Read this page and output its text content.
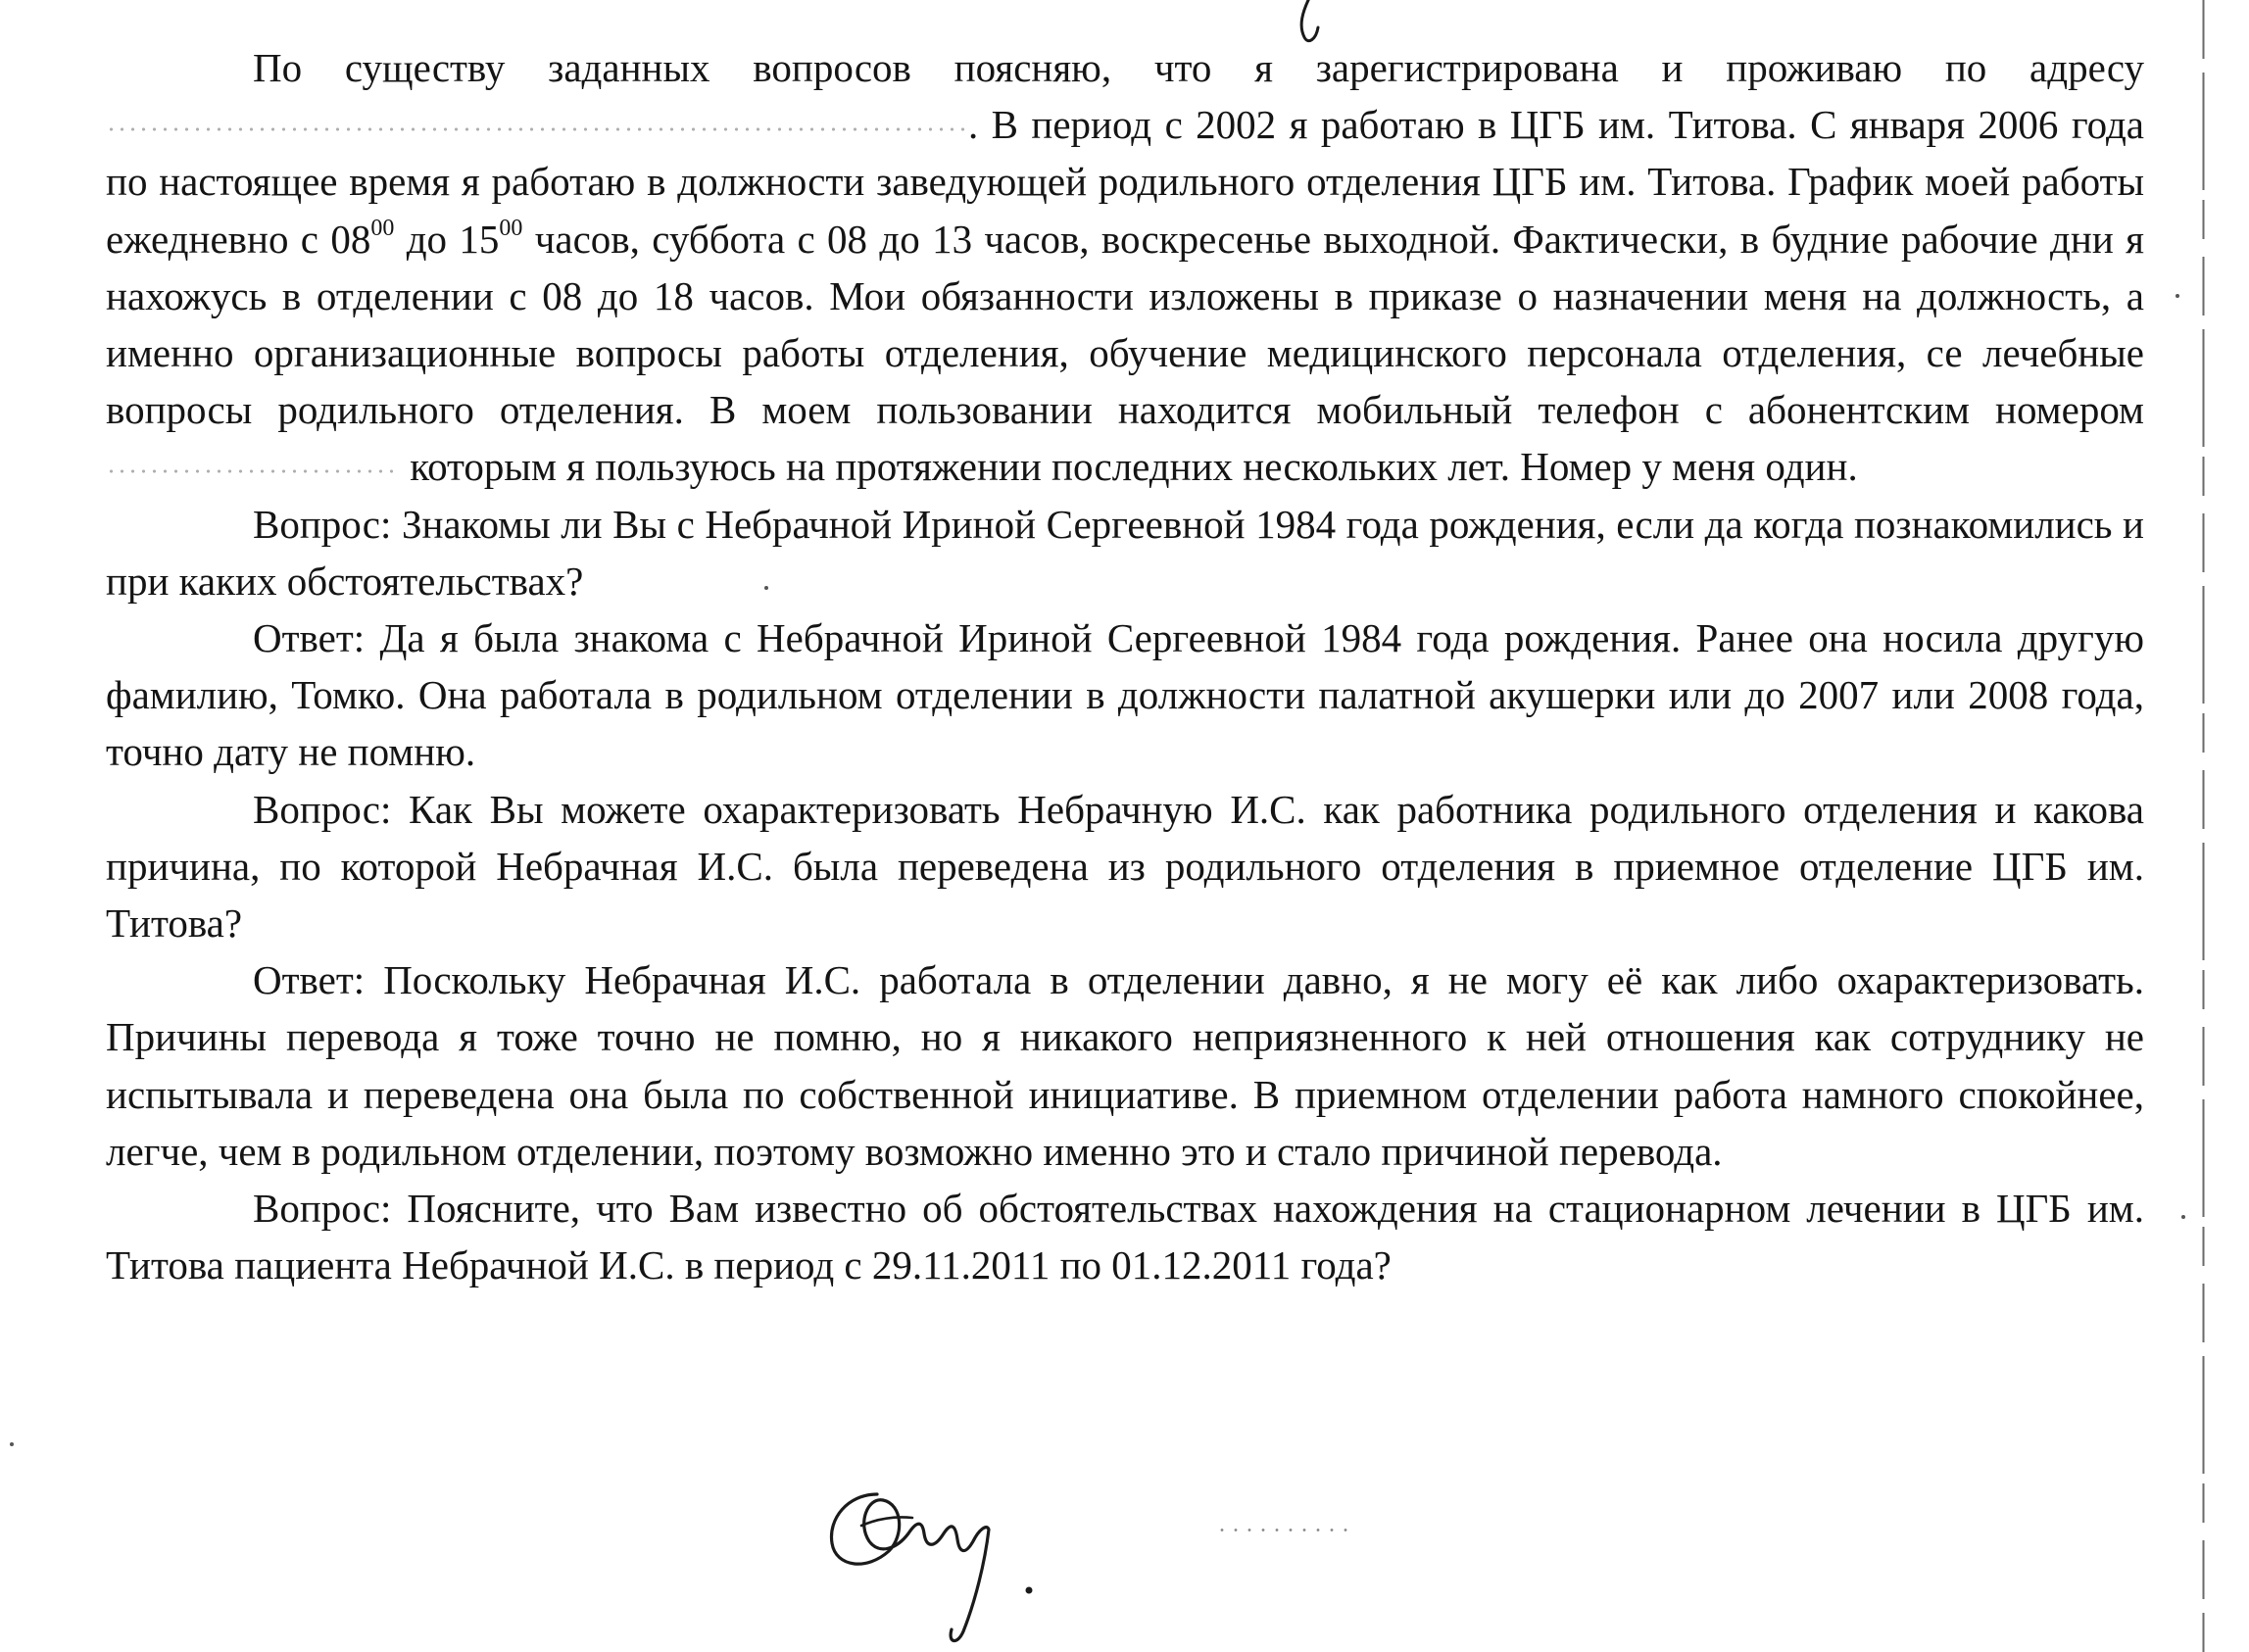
По существу заданных вопросов поясняю, что я зарегистрирована и проживаю по адресу . В период с 2002 я работаю в ЦГБ им. Титова. С января 2006 года по настоящее время я работаю в должности заведующей родильного отделения ЦГБ им. Титова. График моей работы ежедневно с $08^{00}$ до $15^{00}$ часов, суббота с 08 до 13 часов, воскресенье выходной. Фактически, в будние рабочие дни я нахожусь в отделении с 08 до 18 часов. Мои обязанности изложены в приказе о назначении меня на должность, а именно организационные вопросы работы отделения, обучение медицинского персонала отделения, се лечебные вопросы родильного отделения. В моем пользовании находится мобильный телефон с абонентским номером  которым я пользуюсь на протяжении последних нескольких лет. Номер у меня один.

Вопрос: Знакомы ли Вы с Небрачной Ириной Сергеевной 1984 года рождения, если да когда познакомились и при каких обстоятельствах?

Ответ: Да я была знакома с Небрачной Ириной Сергеевной 1984 года рождения. Ранее она носила другую фамилию, Томко. Она работала в родильном отделении в должности палатной акушерки или до 2007 или 2008 года, точно дату не помню.

Вопрос: Как Вы можете охарактеризовать Небрачную И.С. как работника родильного отделения и какова причина, по которой Небрачная И.С. была переведена из родильного отделения в приемное отделение ЦГБ им. Титова?

Ответ: Поскольку Небрачная И.С. работала в отделении давно, я не могу её как либо охарактеризовать. Причины перевода я тоже точно не помню, но я никакого неприязненного к ней отношения как сотруднику не испытывала и переведена она была по собственной инициативе. В приемном отделении работа намного спокойнее, легче, чем в родильном отделении, поэтому возможно именно это и стало причиной перевода.

Вопрос: Поясните, что Вам известно об обстоятельствах нахождения на стационарном лечении в ЦГБ им. Титова пациента Небрачной И.С. в период с 29.11.2011 по 01.12.2011 года?
